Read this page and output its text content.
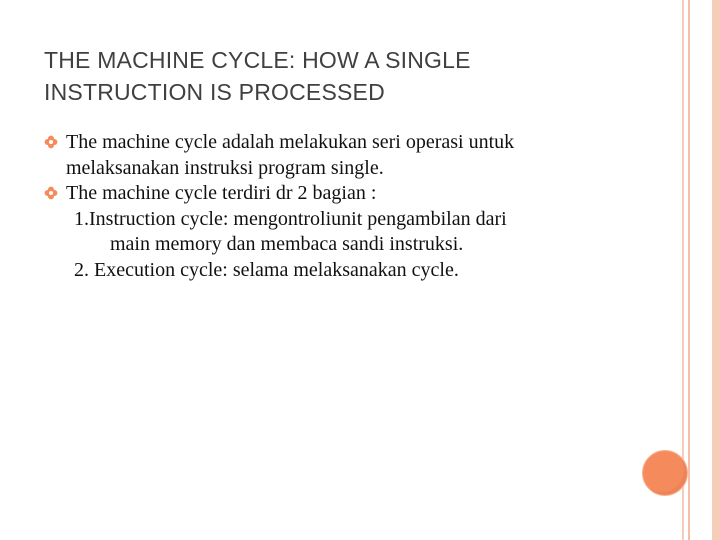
THE MACHINE CYCLE: HOW A SINGLE
INSTRUCTION IS PROCESSED
The machine cycle adalah melakukan seri operasi untuk
melaksanakan instruksi program single.
The machine cycle terdiri dr 2 bagian :
1.Instruction cycle: mengontroliunit pengambilan dari
main memory dan membaca sandi instruksi.
2. Execution cycle: selama melaksanakan cycle.
